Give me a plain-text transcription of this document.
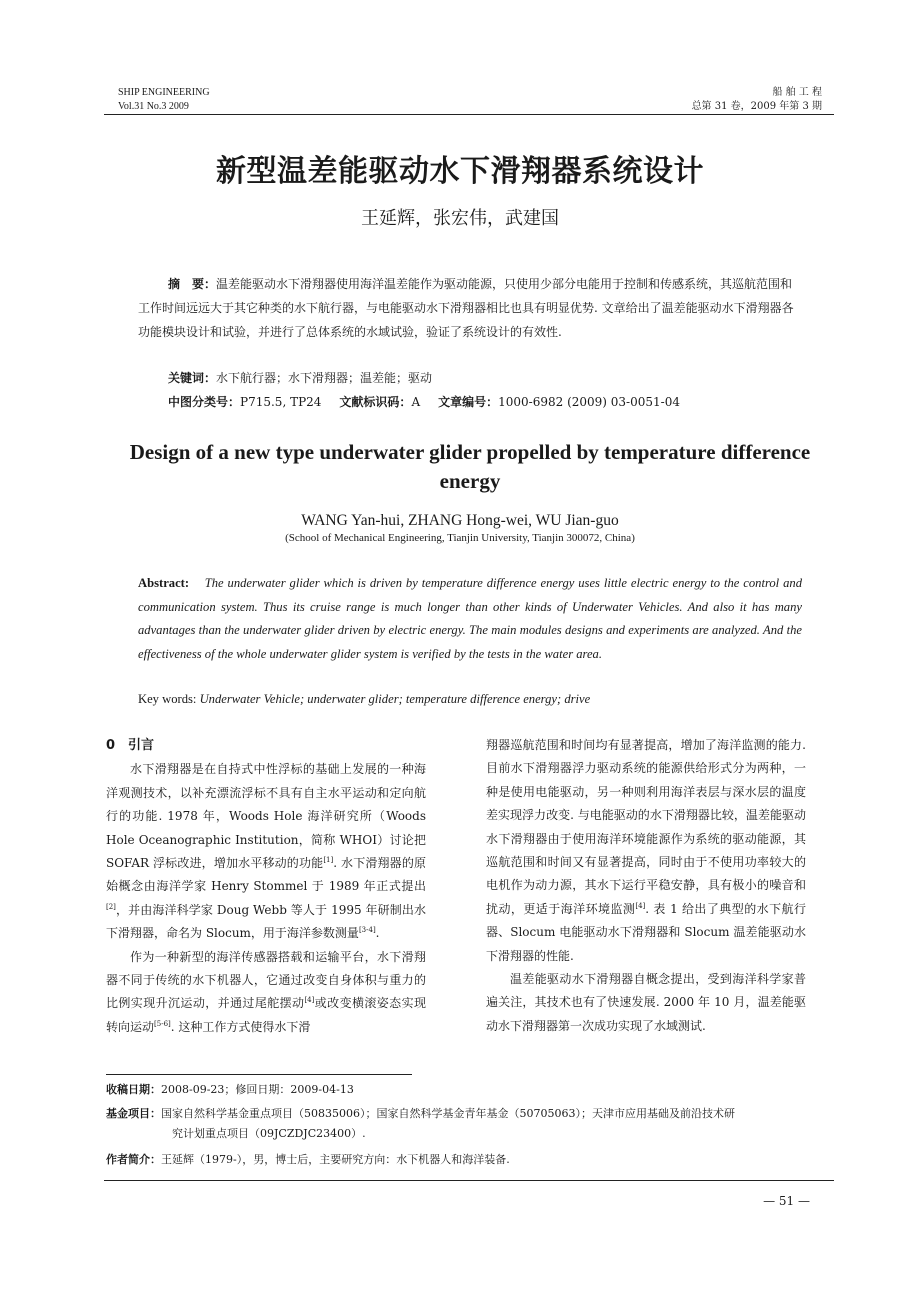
SHIP ENGINEERING
Vol.31 No.3 2009
船 舶 工 程
总第 31 卷，2009 年第 3 期
新型温差能驱动水下滑翔器系统设计
王延辉，张宏伟，武建国
摘　要：温差能驱动水下滑翔器使用海洋温差能作为驱动能源，只使用少部分电能用于控制和传感系统，其巡航范围和工作时间远远大于其它种类的水下航行器，与电能驱动水下滑翔器相比也具有明显优势. 文章给出了温差能驱动水下滑翔器各功能模块设计和试验，并进行了总体系统的水域试验，验证了系统设计的有效性.
关键词：水下航行器；水下滑翔器；温差能；驱动
中图分类号：P715.5, TP24 文献标识码：A 文章编号：1000-6982 (2009) 03-0051-04
Design of a new type underwater glider propelled by temperature difference energy
WANG Yan-hui, ZHANG Hong-wei, WU Jian-guo
(School of Mechanical Engineering, Tianjin University, Tianjin 300072, China)
Abstract: The underwater glider which is driven by temperature difference energy uses little electric energy to the control and communication system. Thus its cruise range is much longer than other kinds of Underwater Vehicles. And also it has many advantages than the underwater glider driven by electric energy. The main modules designs and experiments are analyzed. And the effectiveness of the whole underwater glider system is verified by the tests in the water area.
Key words: Underwater Vehicle; underwater glider; temperature difference energy; drive
0 引言

水下滑翔器是在自持式中性浮标的基础上发展的一种海洋观测技术，以补充漂流浮标不具有自主水平运动和定向航行的功能. 1978 年，Woods Hole 海洋研究所（Woods Hole Oceanographic Institution，简称 WHOI）讨论把 SOFAR 浮标改进，增加水平移动的功能[1]. 水下滑翔器的原始概念由海洋学家 Henry Stommel 于 1989 年正式提出[2]，并由海洋科学家 Doug Webb 等人于 1995 年研制出水下滑翔器，命名为 Slocum，用于海洋参数测量[3-4].

作为一种新型的海洋传感器搭载和运输平台，水下滑翔器不同于传统的水下机器人，它通过改变自身体积与重力的比例实现升沉运动，并通过尾舵摆动[4]或改变横滚姿态实现转向运动[5-6]. 这种工作方式使得水下滑

翔器巡航范围和时间均有显著提高，增加了海洋监测的能力. 目前水下滑翔器浮力驱动系统的能源供给形式分为两种，一种是使用电能驱动，另一种则利用海洋表层与深水层的温度差实现浮力改变. 与电能驱动的水下滑翔器比较，温差能驱动水下滑翔器由于使用海洋环境能源作为系统的驱动能源，其巡航范围和时间又有显著提高，同时由于不使用功率较大的电机作为动力源，其水下运行平稳安静，具有极小的噪音和扰动，更适于海洋环境监测[4]. 表 1 给出了典型的水下航行器、Slocum 电能驱动水下滑翔器和 Slocum 温差能驱动水下滑翔器的性能.

温差能驱动水下滑翔器自概念提出，受到海洋科学家普遍关注，其技术也有了快速发展. 2000 年 10 月，温差能驱动水下滑翔器第一次成功实现了水域测试.

收稿日期：2008-09-23；修回日期：2009-04-13
基金项目：国家自然科学基金重点项目（50835006）；国家自然科学基金青年基金（50705063）；天津市应用基础及前沿技术研
究计划重点项目（09JCZDJC23400）.
作者简介：王延辉（1979-），男，博士后，主要研究方向：水下机器人和海洋装备.
— 51 —
